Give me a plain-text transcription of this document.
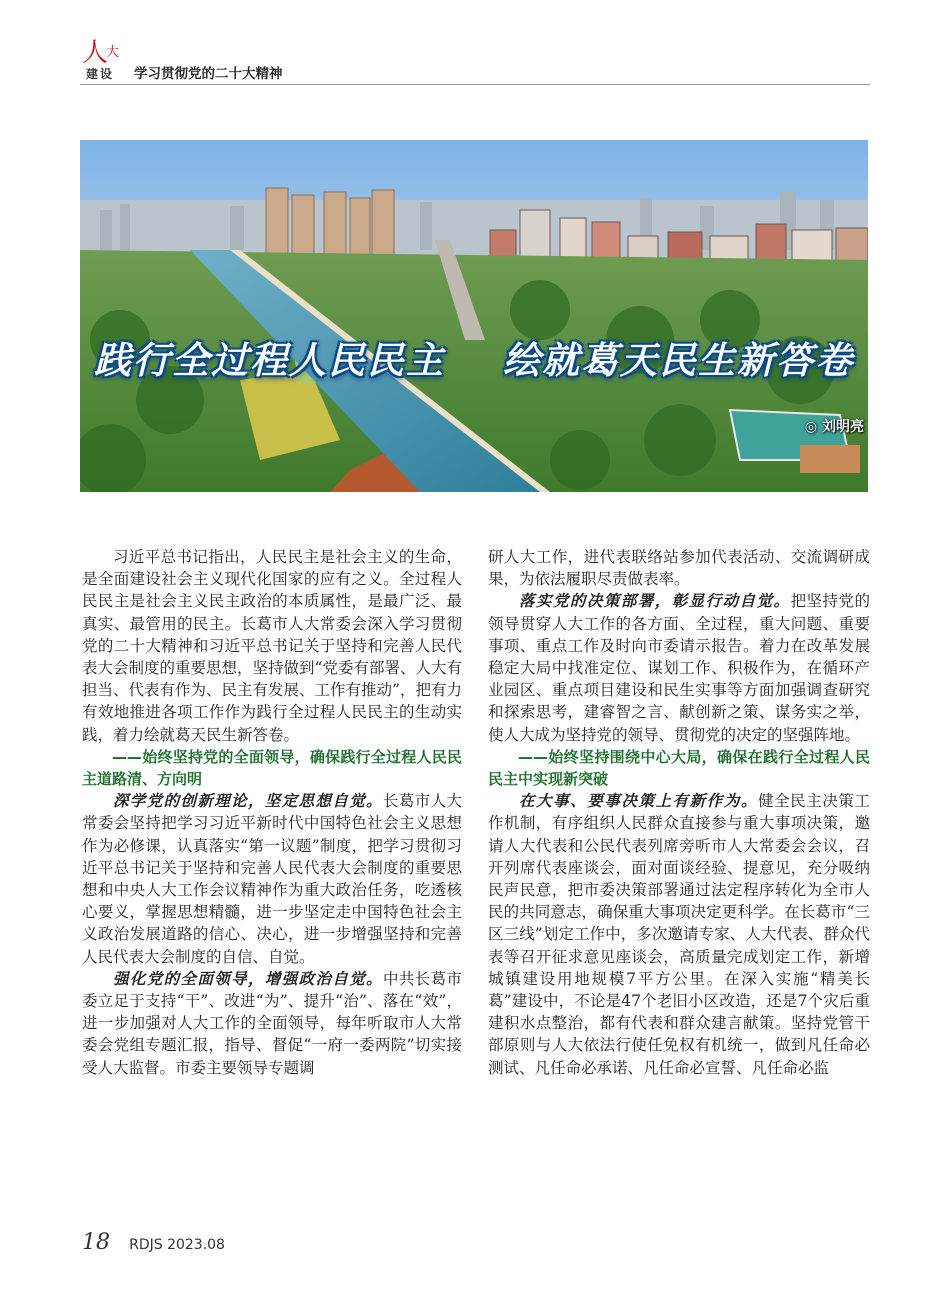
人
大
建设 学习贯彻党的二十大精神
践行全过程人民民主 绘就葛天民生新答卷
◎ 刘明亮

习近平总书记指出，人民民主是社会主义的生命，是全面建设社会主义现代化国家的应有之义。全过程人民民主是社会主义民主政治的本质属性，是最广泛、最真实、最管用的民主。长葛市人大常委会深入学习贯彻党的二十大精神和习近平总书记关于坚持和完善人民代表大会制度的重要思想，坚持做到“党委有部署、人大有担当、代表有作为、民主有发展、工作有推动”，把有力有效地推进各项工作作为践行全过程人民民主的生动实践，着力绘就葛天民生新答卷。

——始终坚持党的全面领导，确保践行全过程人民民主道路清、方向明

深学党的创新理论，坚定思想自觉。长葛市人大常委会坚持把学习习近平新时代中国特色社会主义思想作为必修课，认真落实“第一议题”制度，把学习贯彻习近平总书记关于坚持和完善人民代表大会制度的重要思想和中央人大工作会议精神作为重大政治任务，吃透核心要义，掌握思想精髓，进一步坚定走中国特色社会主义政治发展道路的信心、决心，进一步增强坚持和完善人民代表大会制度的自信、自觉。

强化党的全面领导，增强政治自觉。中共长葛市委立足于支持“干”、改进“为”、提升“治”、落在“效”，进一步加强对人大工作的全面领导，每年听取市人大常委会党组专题汇报，指导、督促“一府一委两院”切实接受人大监督。市委主要领导专题调

研人大工作，进代表联络站参加代表活动、交流调研成果，为依法履职尽责做表率。

落实党的决策部署，彰显行动自觉。把坚持党的领导贯穿人大工作的各方面、全过程，重大问题、重要事项、重点工作及时向市委请示报告。着力在改革发展稳定大局中找准定位、谋划工作、积极作为，在循环产业园区、重点项目建设和民生实事等方面加强调查研究和探索思考，建睿智之言、献创新之策、谋务实之举，使人大成为坚持党的领导、贯彻党的决定的坚强阵地。

——始终坚持围绕中心大局，确保在践行全过程人民民主中实现新突破

在大事、要事决策上有新作为。健全民主决策工作机制，有序组织人民群众直接参与重大事项决策，邀请人大代表和公民代表列席旁听市人大常委会会议，召开列席代表座谈会，面对面谈经验、提意见，充分吸纳民声民意，把市委决策部署通过法定程序转化为全市人民的共同意志，确保重大事项决定更科学。在长葛市“三区三线”划定工作中，多次邀请专家、人大代表、群众代表等召开征求意见座谈会，高质量完成划定工作，新增城镇建设用地规模7平方公里。在深入实施“精美长葛”建设中，不论是47个老旧小区改造，还是7个灾后重建积水点整治，都有代表和群众建言献策。坚持党管干部原则与人大依法行使任免权有机统一，做到凡任命必测试、凡任命必承诺、凡任命必宣誓、凡任命必监

18 RDJS 2023.08
